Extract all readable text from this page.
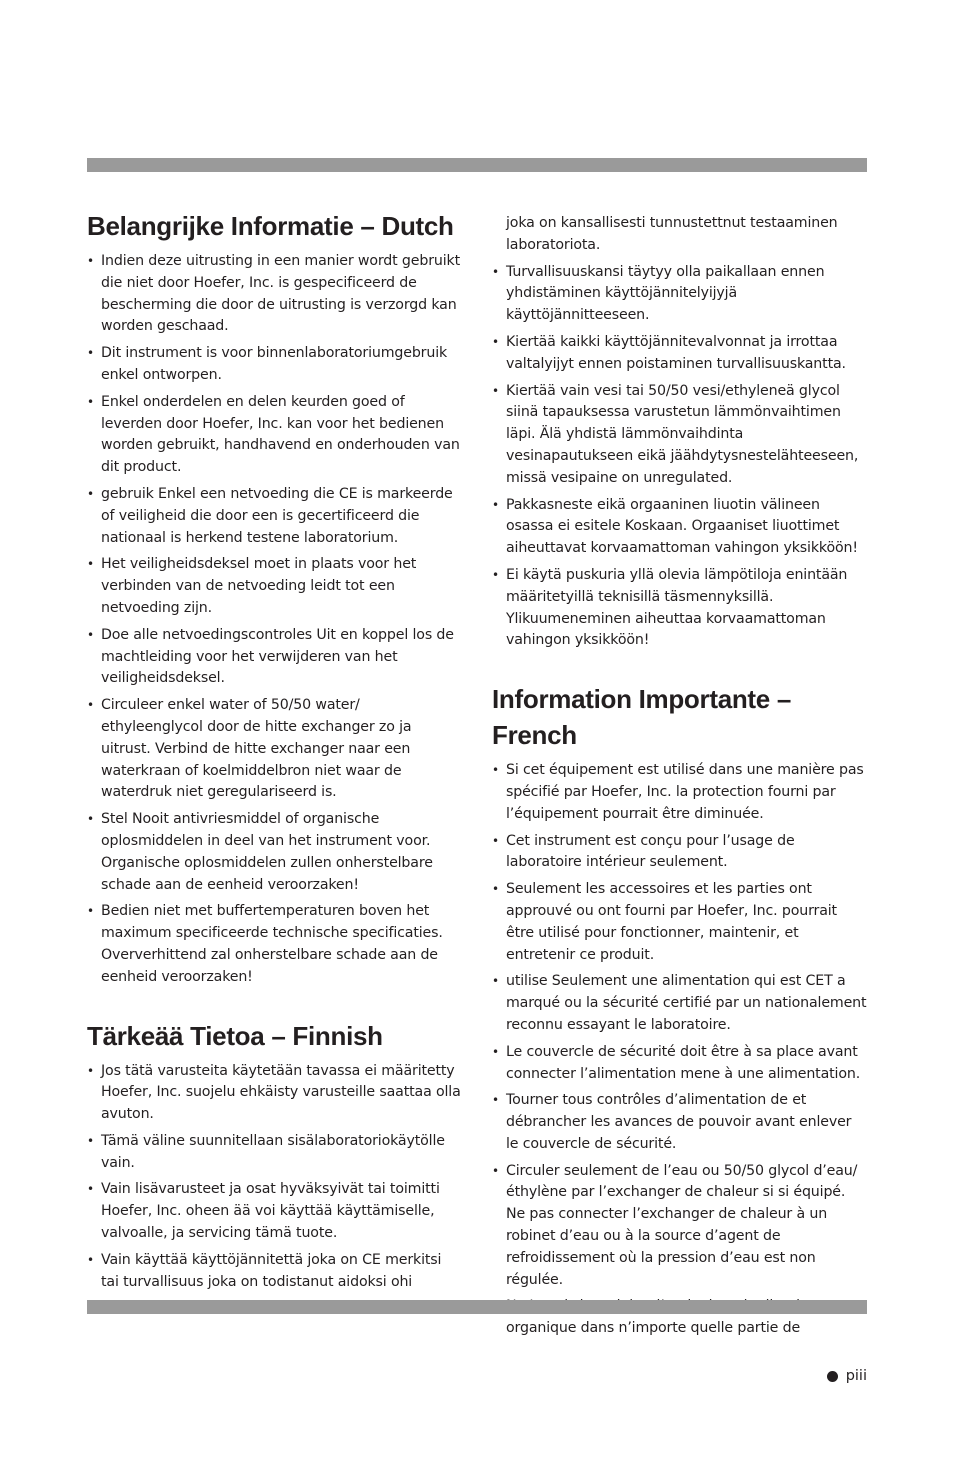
Belangrijke Informatie – Dutch
• Indien deze uitrusting in een manier wordt gebruikt die niet door Hoefer, Inc. is gespecificeerd de bescherming die door de uitrusting is verzorgd kan worden geschaad.
• Dit instrument is voor binnenlaboratoriumgebruik enkel ontworpen.
• Enkel onderdelen en delen keurden goed of leverden door Hoefer, Inc. kan voor het bedienen worden gebruikt, handhavend en onderhouden van dit product.
• gebruik Enkel een netvoeding die CE is markeerde of veiligheid die door een is gecertificeerd die nationaal is herkend testene laboratorium.
• Het veiligheidsdeksel moet in plaats voor het verbinden van de netvoeding leidt tot een netvoeding zijn.
• Doe alle netvoedingscontroles Uit en koppel los de machtleiding voor het verwijderen van het veiligheidsdeksel.
• Circuleer enkel water of 50/50 water/ ethyleenglycol door de hitte exchanger zo ja uitrust. Verbind de hitte exchanger naar een waterkraan of koelmiddelbron niet waar de waterdruk niet geregulariseerd is.
• Stel Nooit antivriesmiddel of organische oplosmiddelen in deel van het instrument voor. Organische oplosmiddelen zullen onherstelbare schade aan de eenheid veroorzaken!
• Bedien niet met buffertemperaturen boven het maximum specificeerde technische specificaties. Oververhittend zal onherstelbare schade aan de eenheid veroorzaken!
Tärkeää Tietoa – Finnish
• Jos tätä varusteita käytetään tavassa ei määritetty Hoefer, Inc. suojelu ehkäisty varusteille saattaa olla avuton.
• Tämä väline suunnitellaan sisälaboratoriokäytölle vain.
• Vain lisävarusteet ja osat hyväksyivät tai toimitti Hoefer, Inc. oheen ää voi käyttää käyttämiselle, valvoalle, ja servicing tämä tuote.
• Vain käyttää käyttöjännitettä joka on CE merkitsi tai turvallisuus joka on todistanut aidoksi ohi
joka on kansallisesti tunnustettnut testaaminen laboratoriota.
• Turvallisuuskansi täytyy olla paikallaan ennen yhdistäminen käyttöjännitelyijyjä käyttöjännitteeseen.
• Kiertää kaikki käyttöjännitevalvonnat ja irrottaa valtalyijyt ennen poistaminen turvallisuuskantta.
• Kiertää vain vesi tai 50/50 vesi/ethyleneä glycol siinä tapauksessa varustetun lämmönvaihtimen läpi. Älä yhdistä lämmönvaihdinta vesinapautukseen eikä jäähdytysnestelähteeseen, missä vesipaine on unregulated.
• Pakkasneste eikä orgaaninen liuotin välineen osassa ei esitele Koskaan. Orgaaniset liuottimet aiheuttavat korvaamattoman vahingon yksikköön!
• Ei käytä puskuria yllä olevia lämpötiloja enintään määritetyillä teknisillä täsmennyksillä. Ylikuumeneminen aiheuttaa korvaamattoman vahingon yksikköön!
Information Importante – French
• Si cet équipement est utilisé dans une manière pas spécifié par Hoefer, Inc. la protection fourni par l’équipement pourrait être diminuée.
• Cet instrument est conçu pour l’usage de laboratoire intérieur seulement.
• Seulement les accessoires et les parties ont approuvé ou ont fourni par Hoefer, Inc. pourrait être utilisé pour fonctionner, maintenir, et entretenir ce produit.
• utilise Seulement une alimentation qui est CET a marqué ou la sécurité certifié par un nationalement reconnu essayant le laboratoire.
• Le couvercle de sécurité doit être à sa place avant connecter l’alimentation mene à une alimentation.
• Tourner tous contrôles d’alimentation de et débrancher les avances de pouvoir avant enlever le couvercle de sécurité.
• Circuler seulement de l’eau ou 50/50 glycol d’eau/ éthylène par l’exchanger de chaleur si si équipé. Ne pas connecter l’exchanger de chaleur à un robinet d’eau ou à la source d’agent de refroidissement où la pression d’eau est non régulée.
• organique dans n’importe quelle partie de
piii
